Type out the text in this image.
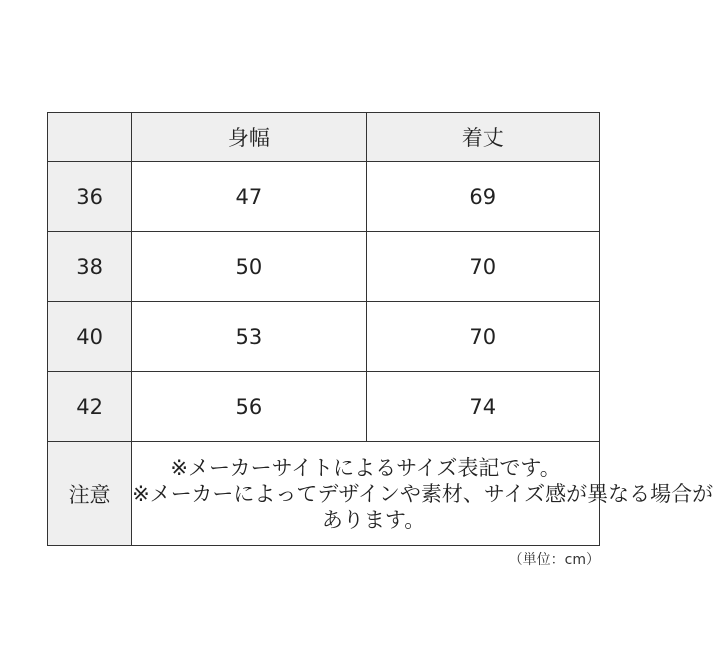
	身幅	着丈
36	47	69
38	50	70
40	53	70
42	56	74
注意	※メーカーサイトによるサイズ表記です。
※メーカーによってデザインや素材、サイズ感が異なる場合が
あります。	
（単位：cm）
